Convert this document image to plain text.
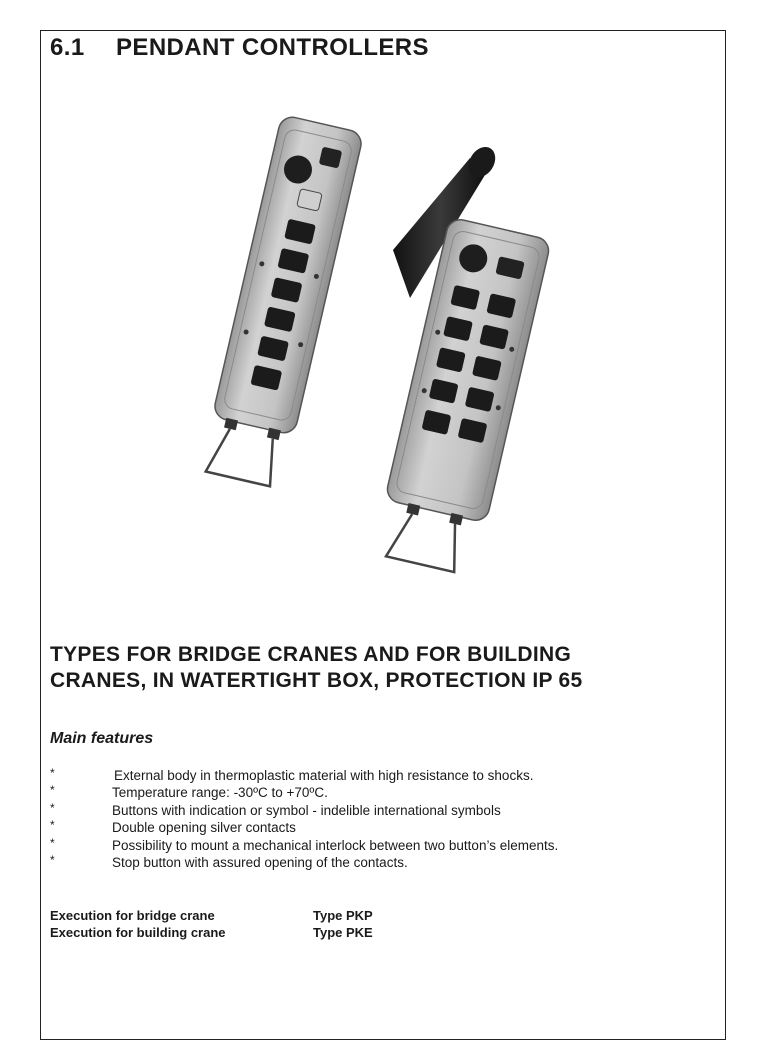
6.1 PENDANT CONTROLLERS
TYPES FOR BRIDGE CRANES AND FOR BUILDING
CRANES, IN WATERTIGHT BOX, PROTECTION IP 65
Main features
*	External body in thermoplastic material with high resistance to shocks.
*	Temperature range: -30ºC to +70ºC.
*	Buttons with indication or symbol - indelible international symbols
*	Double opening silver contacts
*	Possibility to mount a mechanical interlock between two button’s elements.
*	Stop button with assured opening of the contacts.
Execution for bridge crane	Type PKP
Execution for building crane	Type PKE
